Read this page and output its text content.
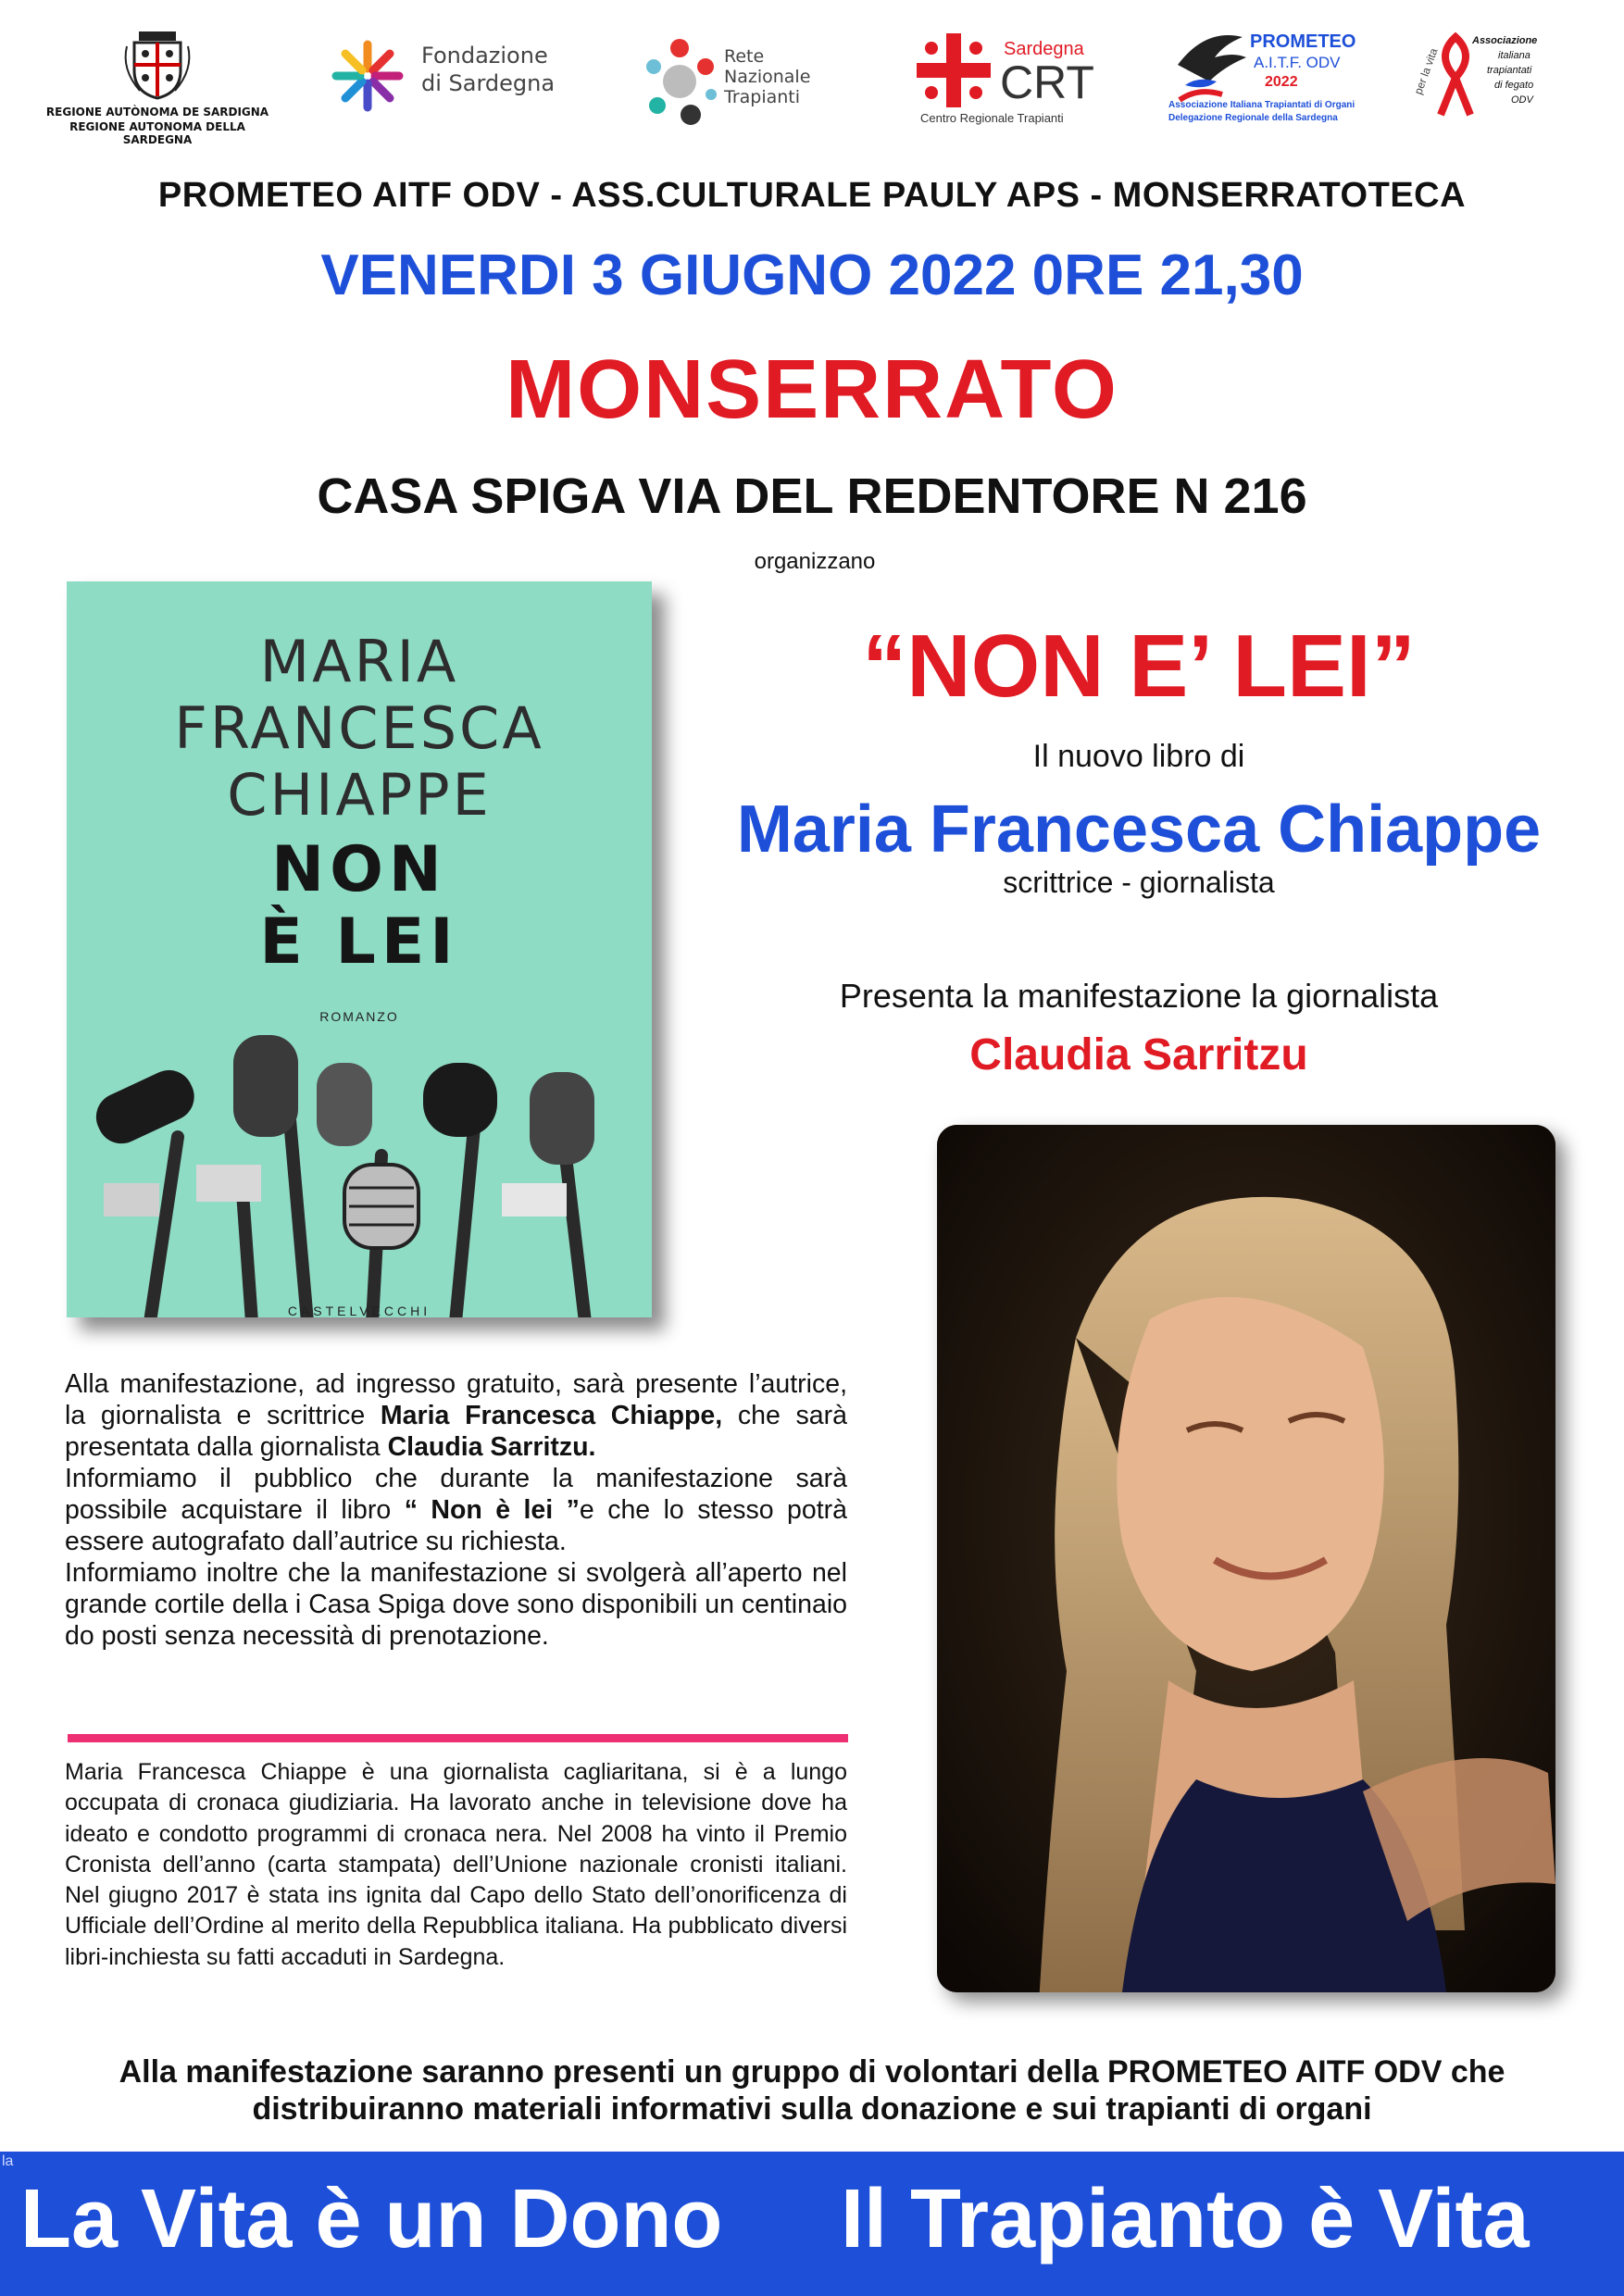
REGIONE AUTÒNOMA DE SARDIGNA
REGIONE AUTONOMA DELLA SARDEGNA
Fondazione
di Sardegna
Rete
Nazionale
Trapianti
Sardegna
CRT
Centro Regionale Trapianti
PROMETEO
A.I.T.F. ODV
2022
Associazione Italiana Trapiantati di Organi
Delegazione Regionale della Sardegna
per la vita
Associazione
italiana
trapiantati
di fegato
ODV
PROMETEO AITF ODV - ASS.CULTURALE PAULY APS - MONSERRATOTECA
VENERDI 3 GIUGNO 2022 0RE 21,30
MONSERRATO
CASA SPIGA VIA DEL REDENTORE N 216
organizzano
MARIA
FRANCESCA
CHIAPPE
NON
È LEI
ROMANZO
CASTELVECCHI
“NON E’ LEI”
Il nuovo libro di
Maria Francesca Chiappe
scrittrice - giornalista
Presenta la manifestazione la giornalista
Claudia Sarritzu
Alla manifestazione, ad ingresso gratuito, sarà presente l’autrice, la giornalista e scrittrice Maria Francesca Chiappe, che sarà presentata dalla giornalista Claudia Sarritzu.
Informiamo il pubblico che durante la manifestazione sarà possibile acquistare il libro “ Non è lei ”e che lo stesso potrà essere autografato dall’autrice su richiesta.
Informiamo inoltre che la manifestazione si svolgerà all’aperto nel grande cortile della i Casa Spiga dove sono disponibili un centinaio do posti senza necessità di prenotazione.
Maria Francesca Chiappe è una giornalista cagliaritana, si è a lungo occupata di cronaca giudiziaria. Ha lavorato anche in televisione dove ha ideato e condotto programmi di cronaca nera. Nel 2008 ha vinto il Premio Cronista dell’anno (carta stampata) dell’Unione nazionale cronisti italiani. Nel giugno 2017 è stata ins ignita dal Capo dello Stato dell’onorificenza di Ufficiale dell’Ordine al merito della Repubblica italiana. Ha pubblicato diversi libri-inchiesta su fatti accaduti in Sardegna.
Alla manifestazione saranno presenti un gruppo di volontari della PROMETEO AITF ODV che
distribuiranno materiali informativi sulla donazione e sui trapianti di organi
la
La Vita è un Dono Il Trapianto è Vita
